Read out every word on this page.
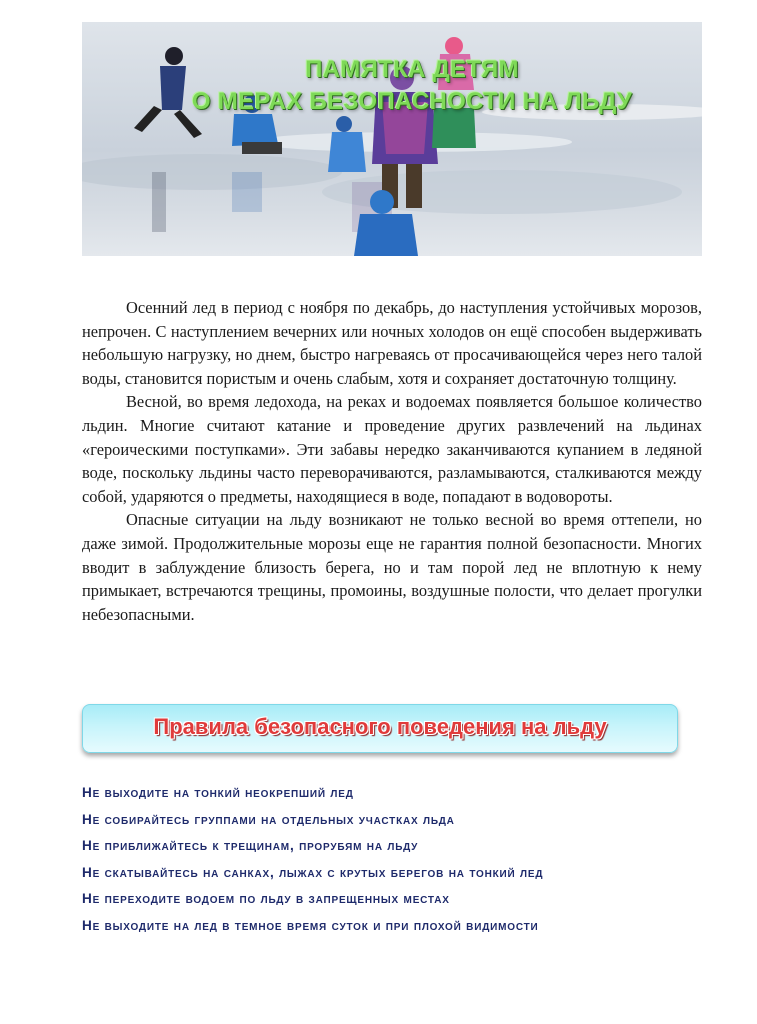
ПАМЯТКА ДЕТЯМ
О МЕРАХ БЕЗОПАСНОСТИ НА ЛЬДУ

Осенний лед в период с ноября по декабрь, до наступления устойчивых морозов, непрочен. С наступлением вечерних или ночных холодов он ещё способен выдерживать небольшую нагрузку, но днем, быстро нагреваясь от просачивающейся через него талой воды, становится пористым и очень слабым, хотя и сохраняет достаточную толщину.

Весной, во время ледохода, на реках и водоемах появляется большое количество льдин. Многие считают катание и проведение других развлечений на льдинах «героическими поступками». Эти забавы нередко заканчиваются купанием в ледяной воде, поскольку льдины часто переворачиваются, разламываются, сталкиваются между собой, ударяются о предметы, находящиеся в воде, попадают в водовороты.

Опасные ситуации на льду возникают не только весной во время оттепели, но даже зимой. Продолжительные морозы еще не гарантия полной безопасности. Многих вводит в заблуждение близость берега, но и там порой лед не вплотную к нему примыкает, встречаются трещины, промоины, воздушные полости, что делает прогулки небезопасными.

Правила безопасного поведения на льду
Не выходите на тонкий неокрепший лед
Не собирайтесь группами на отдельных участках льда
Не приближайтесь к трещинам, прорубям на льду
Не скатывайтесь на санках, лыжах с крутых берегов на тонкий лед
Не переходите водоем по льду в запрещенных местах
Не выходите на лед в темное время суток и при плохой видимости
